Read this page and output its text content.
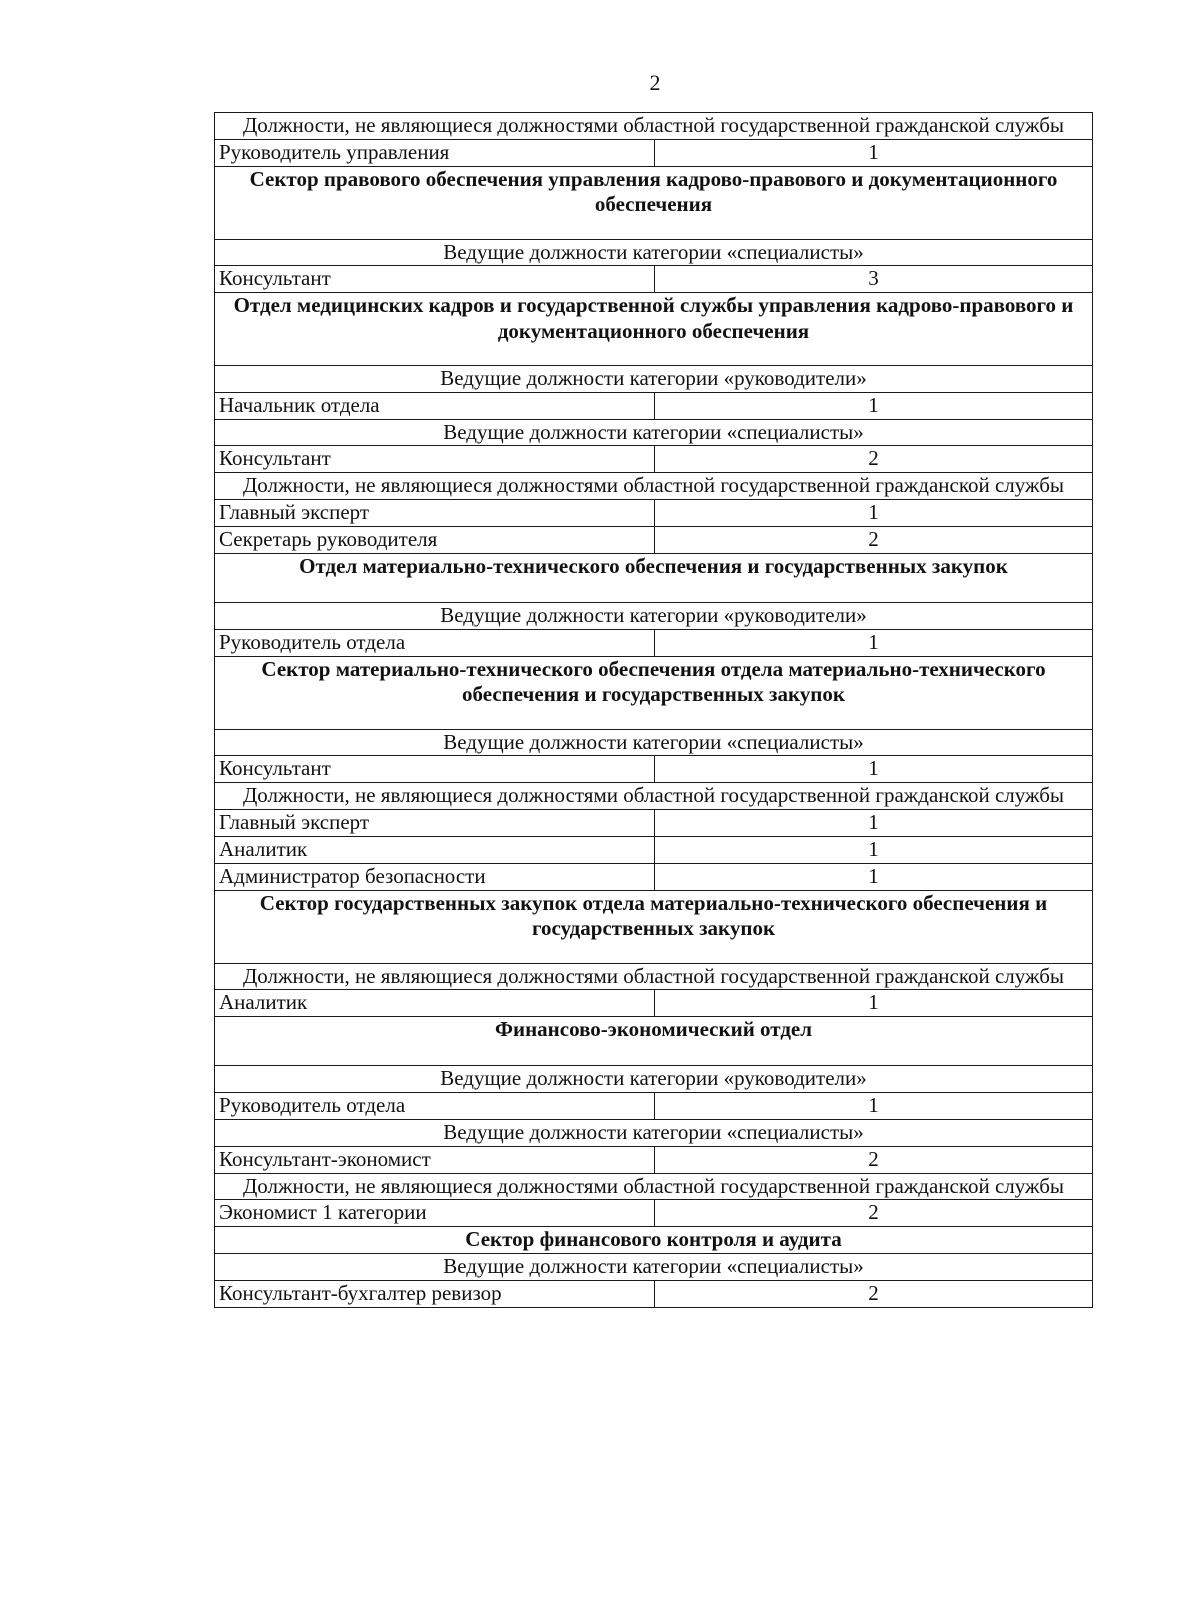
2
Должности, не являющиеся должностями областной государственной гражданской службы	
Руководитель управления	1
Сектор правового обеспечения управления кадрово-правового и документационного обеспечения	
Ведущие должности категории «специалисты»	
Консультант	3
Отдел медицинских кадров и государственной службы управления кадрово-правового и документационного обеспечения	
Ведущие должности категории «руководители»	
Начальник отдела	1
Ведущие должности категории «специалисты»	
Консультант	2
Должности, не являющиеся должностями областной государственной гражданской службы	
Главный эксперт	1
Секретарь руководителя	2
Отдел материально-технического обеспечения и государственных закупок	
Ведущие должности категории «руководители»	
Руководитель отдела	1
Сектор материально-технического обеспечения отдела материально-технического обеспечения и государственных закупок	
Ведущие должности категории «специалисты»	
Консультант	1
Должности, не являющиеся должностями областной государственной гражданской службы	
Главный эксперт	1
Аналитик	1
Администратор безопасности	1
Сектор государственных закупок отдела материально-технического обеспечения и государственных закупок	
Должности, не являющиеся должностями областной государственной гражданской службы	
Аналитик	1
Финансово-экономический отдел	
Ведущие должности категории «руководители»	
Руководитель отдела	1
Ведущие должности категории «специалисты»	
Консультант-экономист	2
Должности, не являющиеся должностями областной государственной гражданской службы	
Экономист 1 категории	2
Сектор финансового контроля и аудита	
Ведущие должности категории «специалисты»	
Консультант-бухгалтер ревизор	2
